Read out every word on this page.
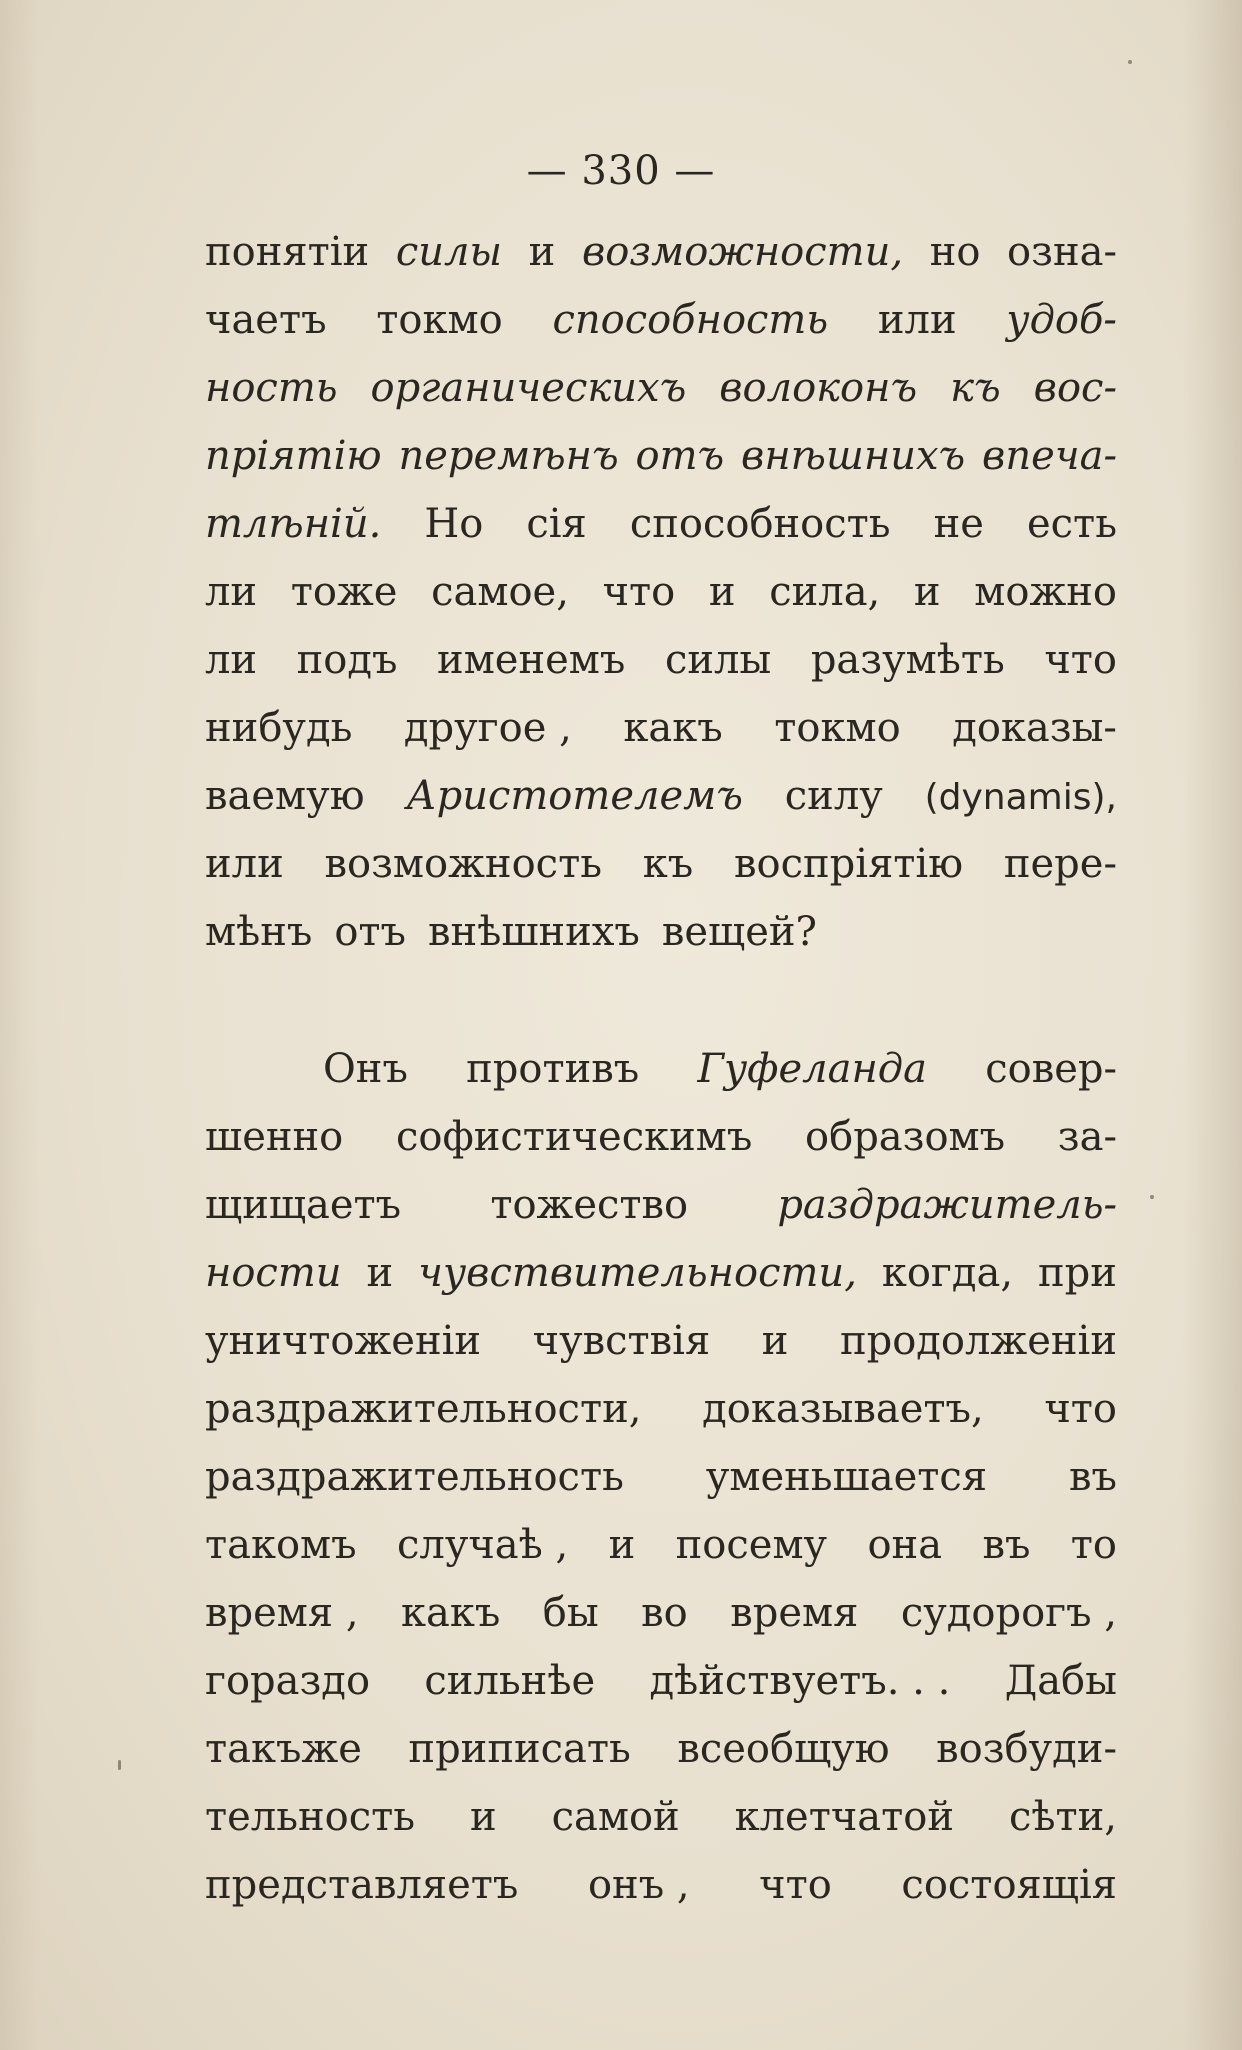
— 330 —
понятіи силы и возможности, но озна-
чаетъ токмо способность или удоб-
ность органическихъ волоконъ къ вос-
пріятію перемѣнъ отъ внѣшнихъ впеча-
тлѣній. Но сія способность не есть
ли тоже самое, что и сила, и можно
ли подъ именемъ силы разумѣть что
нибудь другое , какъ токмо доказы-
ваемую Аристотелемъ силу (dynamis),
или возможность къ воспріятію пере-
мѣнъ отъ внѣшнихъ вещей?
Онъ противъ Гуфеланда совер-
шенно софистическимъ образомъ за-
щищаетъ тожество раздражитель-
ности и чувствительности, когда, при
уничтоженіи чувствія и продолженіи
раздражительности, доказываетъ, что
раздражительность уменьшается въ
такомъ случаѣ , и посему она въ то
время , какъ бы во время судорогъ ,
гораздо сильнѣе дѣйствуетъ. . . Дабы
такъже приписать всеобщую возбуди-
тельность и самой клетчатой сѣти,
представляетъ онъ , что состоящія
